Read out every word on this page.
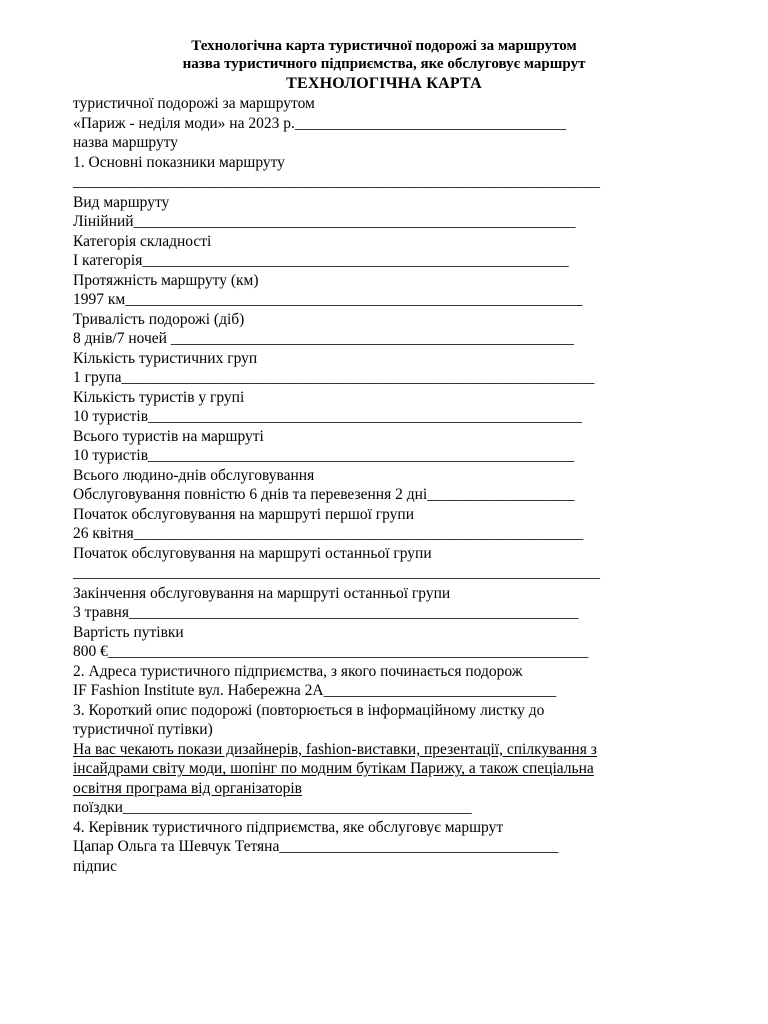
Технологічна карта туристичної подорожі за маршрутом
назва туристичного підприємства, яке обслуговує маршрут
ТЕХНОЛОГІЧНА КАРТА
туристичної подорожі за маршрутом
«Париж - неділя моди» на 2023 р.___________________________________
назва маршруту
1. Основні показники маршруту
____________________________________________________________________
Вид маршруту
Лінійний_________________________________________________________
Категорія складності
І категорія_______________________________________________________
Протяжність маршруту (км)
1997 км___________________________________________________________
Тривалість подорожі (діб)
8 днів/7 ночей ____________________________________________________
Кількість туристичних груп
1 група_____________________________________________________________
Кількість туристів у групі
10 туристів________________________________________________________
Всього туристів на маршруті
10 туристів_______________________________________________________
Всього людино-днів обслуговування
Обслуговування повністю 6 днів та перевезення 2 дні___________________
Початок обслуговування на маршруті першої групи
26 квітня__________________________________________________________
Початок обслуговування на маршруті останньої групи
____________________________________________________________________
Закінчення обслуговування на маршруті останньої групи
3 травня__________________________________________________________
Вартість путівки
800 €______________________________________________________________
2. Адреса туристичного підприємства, з якого починається подорож
IF Fashion Institute вул. Набережна 2А______________________________
3. Короткий опис подорожі (повторюється в інформаційному листку до
туристичної путівки)
На вас чекають покази дизайнерів, fashion-виставки, презентації, спілкування з
інсайдрами світу моди, шопінг по модним бутікам Парижу, а також спеціальна
освітня програма від організаторів
поїздки_____________________________________________
4. Керівник туристичного підприємства, яке обслуговує маршрут
Цапар Ольга та Шевчук Тетяна____________________________________
підпис
